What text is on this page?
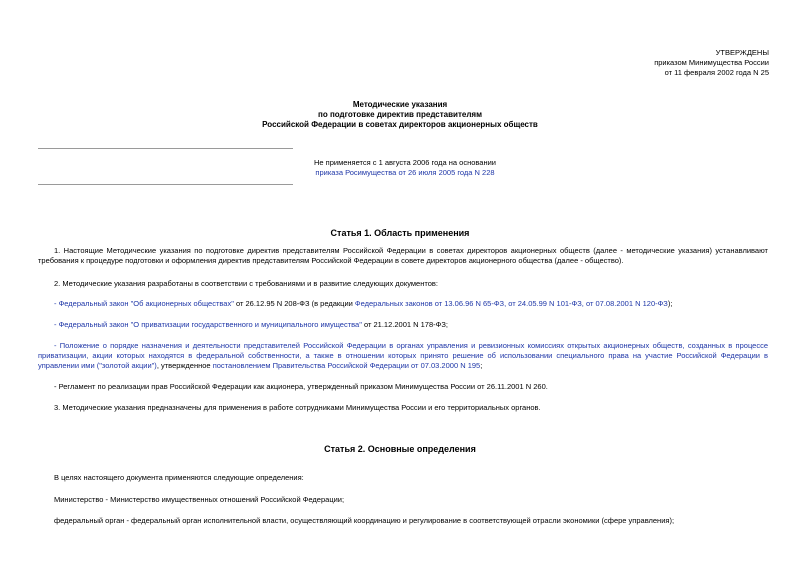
УТВЕРЖДЕНЫ
приказом Минимущества России
от 11 февраля 2002 года N 25
Методические указания
по подготовке директив представителям
Российской Федерации в советах директоров акционерных обществ
Не применяется с 1 августа 2006 года на основании
приказа Росимущества от 26 июля 2005 года N 228
Статья 1. Область применения
1. Настоящие Методические указания по подготовке директив представителям Российской Федерации в советах директоров акционерных обществ (далее - методические указания) устанавливают требования к процедуре подготовки и оформления директив представителям Российской Федерации в совете директоров акционерного общества (далее - общество).
2. Методические указания разработаны в соответствии с требованиями и в развитие следующих документов:
- Федеральный закон "Об акционерных обществах" от 26.12.95 N 208-ФЗ (в редакции Федеральных законов от 13.06.96 N 65-ФЗ, от 24.05.99 N 101-ФЗ, от 07.08.2001 N 120-ФЗ);
- Федеральный закон "О приватизации государственного и муниципального имущества" от 21.12.2001 N 178-ФЗ;
- Положение о порядке назначения и деятельности представителей Российской Федерации в органах управления и ревизионных комиссиях открытых акционерных обществ, созданных в процессе приватизации, акции которых находятся в федеральной собственности, а также в отношении которых принято решение об использовании специального права на участие Российской Федерации в управлении ими ("золотой акции"), утвержденное постановлением Правительства Российской Федерации от 07.03.2000 N 195;
- Регламент по реализации прав Российской Федерации как акционера, утвержденный приказом Минимущества России от 26.11.2001 N 260.
3. Методические указания предназначены для применения в работе сотрудниками Минимущества России и его территориальных органов.
Статья 2. Основные определения
В целях настоящего документа применяются следующие определения:
Министерство - Министерство имущественных отношений Российской Федерации;
федеральный орган - федеральный орган исполнительной власти, осуществляющий координацию и регулирование в соответствующей отрасли экономики (сфере управления);
